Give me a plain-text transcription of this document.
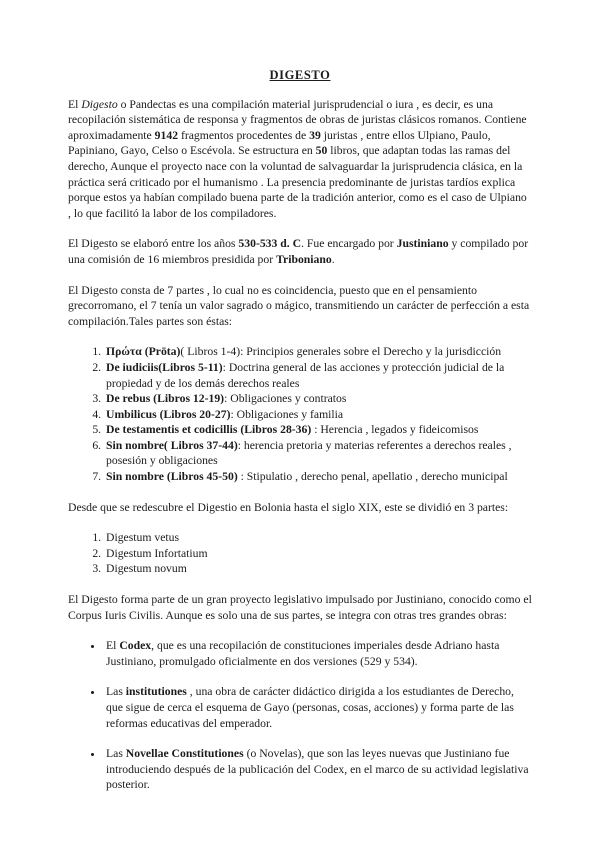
DIGESTO

El Digesto o Pandectas es una compilación material jurisprudencial o iura , es decir, es una recopilación sistemática de responsa y fragmentos de obras de juristas clásicos romanos. Contiene aproximadamente 9142 fragmentos procedentes de 39 juristas , entre ellos Ulpiano, Paulo, Papiniano, Gayo, Celso o Escévola. Se estructura en 50 libros, que adaptan todas las ramas del derecho, Aunque el proyecto nace con la voluntad de salvaguardar la jurisprudencia clásica, en la práctica será criticado por el humanismo . La presencia predominante de juristas tardíos explica porque estos ya habían compilado buena parte de la tradición anterior, como es el caso de Ulpiano , lo que facilitó la labor de los compiladores.

El Digesto se elaboró entre los años 530-533 d. C. Fue encargado por Justiniano y compilado por una comisión de 16 miembros presidida por Triboniano.

El Digesto consta de 7 partes , lo cual no es coincidencia, puesto que en el pensamiento grecorromano, el 7 tenía un valor sagrado o mágico, transmitiendo un carácter de perfección a esta compilación.Tales partes son éstas:

1. Πρώτα (Prōta)( Libros 1-4): Principios generales sobre el Derecho y la jurisdicción
2. De iudiciis(Libros 5-11): Doctrina general de las acciones y protección judicial de la propiedad y de los demás derechos reales
3. De rebus (Libros 12-19): Obligaciones y contratos
4. Umbilicus (Libros 20-27): Obligaciones y familia
5. De testamentis et codicillis (Libros 28-36) : Herencia , legados y fideicomisos
6. Sin nombre( Libros 37-44): herencia pretoria y materias referentes a derechos reales , posesión y obligaciones
7. Sin nombre (Libros 45-50) : Stipulatio , derecho penal, apellatio , derecho municipal

Desde que se redescubre el Digestio en Bolonia hasta el siglo XIX, este se dividió en 3 partes:

1. Digestum vetus
2. Digestum Infortatium
3. Digestum novum

El Digesto forma parte de un gran proyecto legislativo impulsado por Justiniano, conocido como el Corpus Iuris Civilis. Aunque es solo una de sus partes, se integra con otras tres grandes obras:

• El Codex, que es una recopilación de constituciones imperiales desde Adriano hasta Justiniano, promulgado oficialmente en dos versiones (529 y 534).
• Las institutiones , una obra de carácter didáctico dirigida a los estudiantes de Derecho, que sigue de cerca el esquema de Gayo (personas, cosas, acciones) y forma parte de las reformas educativas del emperador.
• Las Novellae Constitutiones (o Novelas), que son las leyes nuevas que Justiniano fue introduciendo después de la publicación del Codex, en el marco de su actividad legislativa posterior.
